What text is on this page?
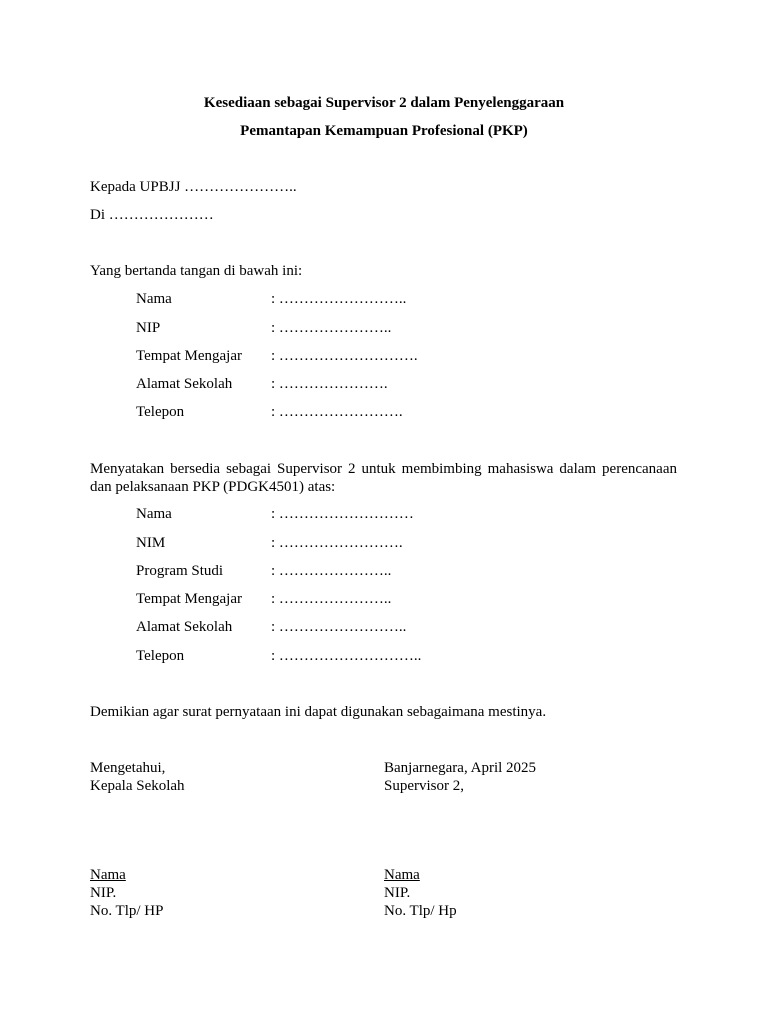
Kesediaan sebagai Supervisor 2 dalam Penyelenggaraan
Pemantapan Kemampuan Profesional (PKP)
Kepada UPBJJ …………………..
Di …………………
Yang bertanda tangan di bawah ini:
Nama	: ……………………..
NIP	: …………………..
Tempat Mengajar : ……………………….
Alamat Sekolah	: ………………….
Telepon	: …………………….
Menyatakan bersedia sebagai Supervisor 2 untuk membimbing mahasiswa dalam perencanaan dan pelaksanaan PKP (PDGK4501) atas:
Nama	: ………………………
NIM	: …………………….
Program Studi	: …………………..
Tempat Mengajar : …………………..
Alamat Sekolah	: ……………………..
Telepon	: ………………………..
Demikian agar surat pernyataan ini dapat digunakan sebagaimana mestinya.
Mengetahui,
Kepala Sekolah
Nama
NIP.
No. Tlp/ HP
Banjarnegara, April 2025
Supervisor 2,
Nama
NIP.
No. Tlp/ Hp
